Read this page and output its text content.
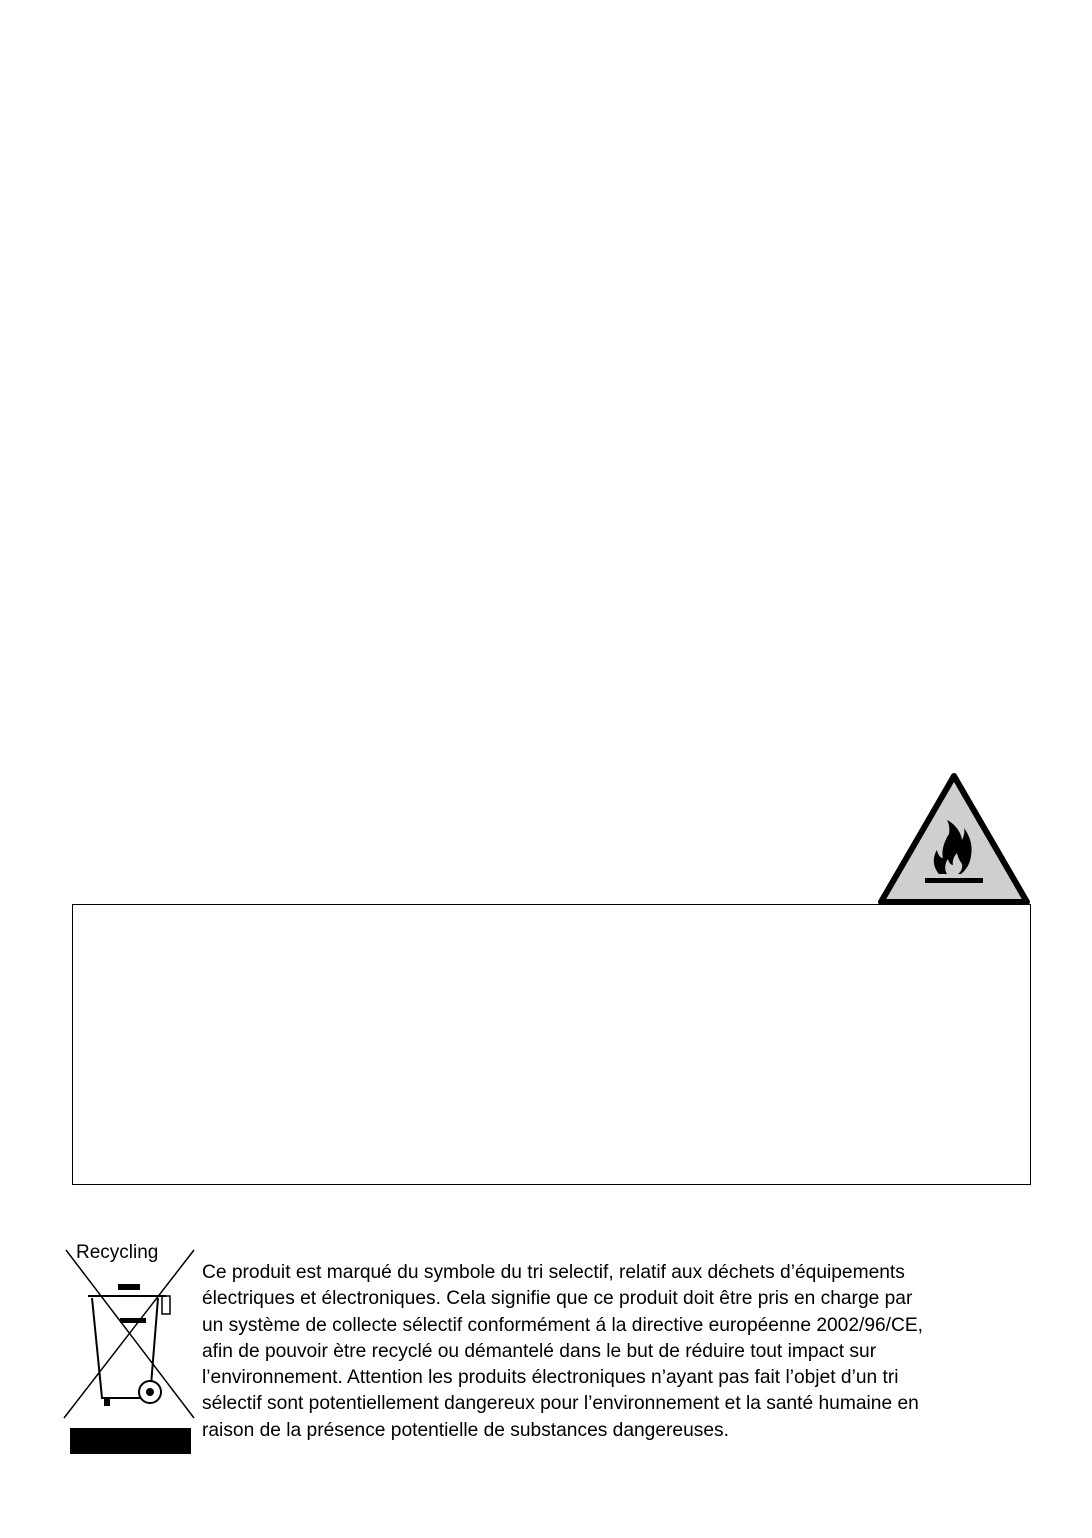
Recycling

Ce produit est marqué du symbole du tri selectif, relatif aux déchets d’équipements
électriques et électroniques. Cela signifie que ce produit doit être pris en charge par
un système de collecte sélectif conformément á la directive européenne 2002/96/CE,
afin de pouvoir ètre recyclé ou démantelé dans le but de réduire tout impact sur
l’environnement. Attention les produits électroniques n’ayant pas fait l’objet d’un tri
sélectif sont potentiellement dangereux pour l’environnement et la santé humaine en
raison de la présence potentielle de substances dangereuses.
